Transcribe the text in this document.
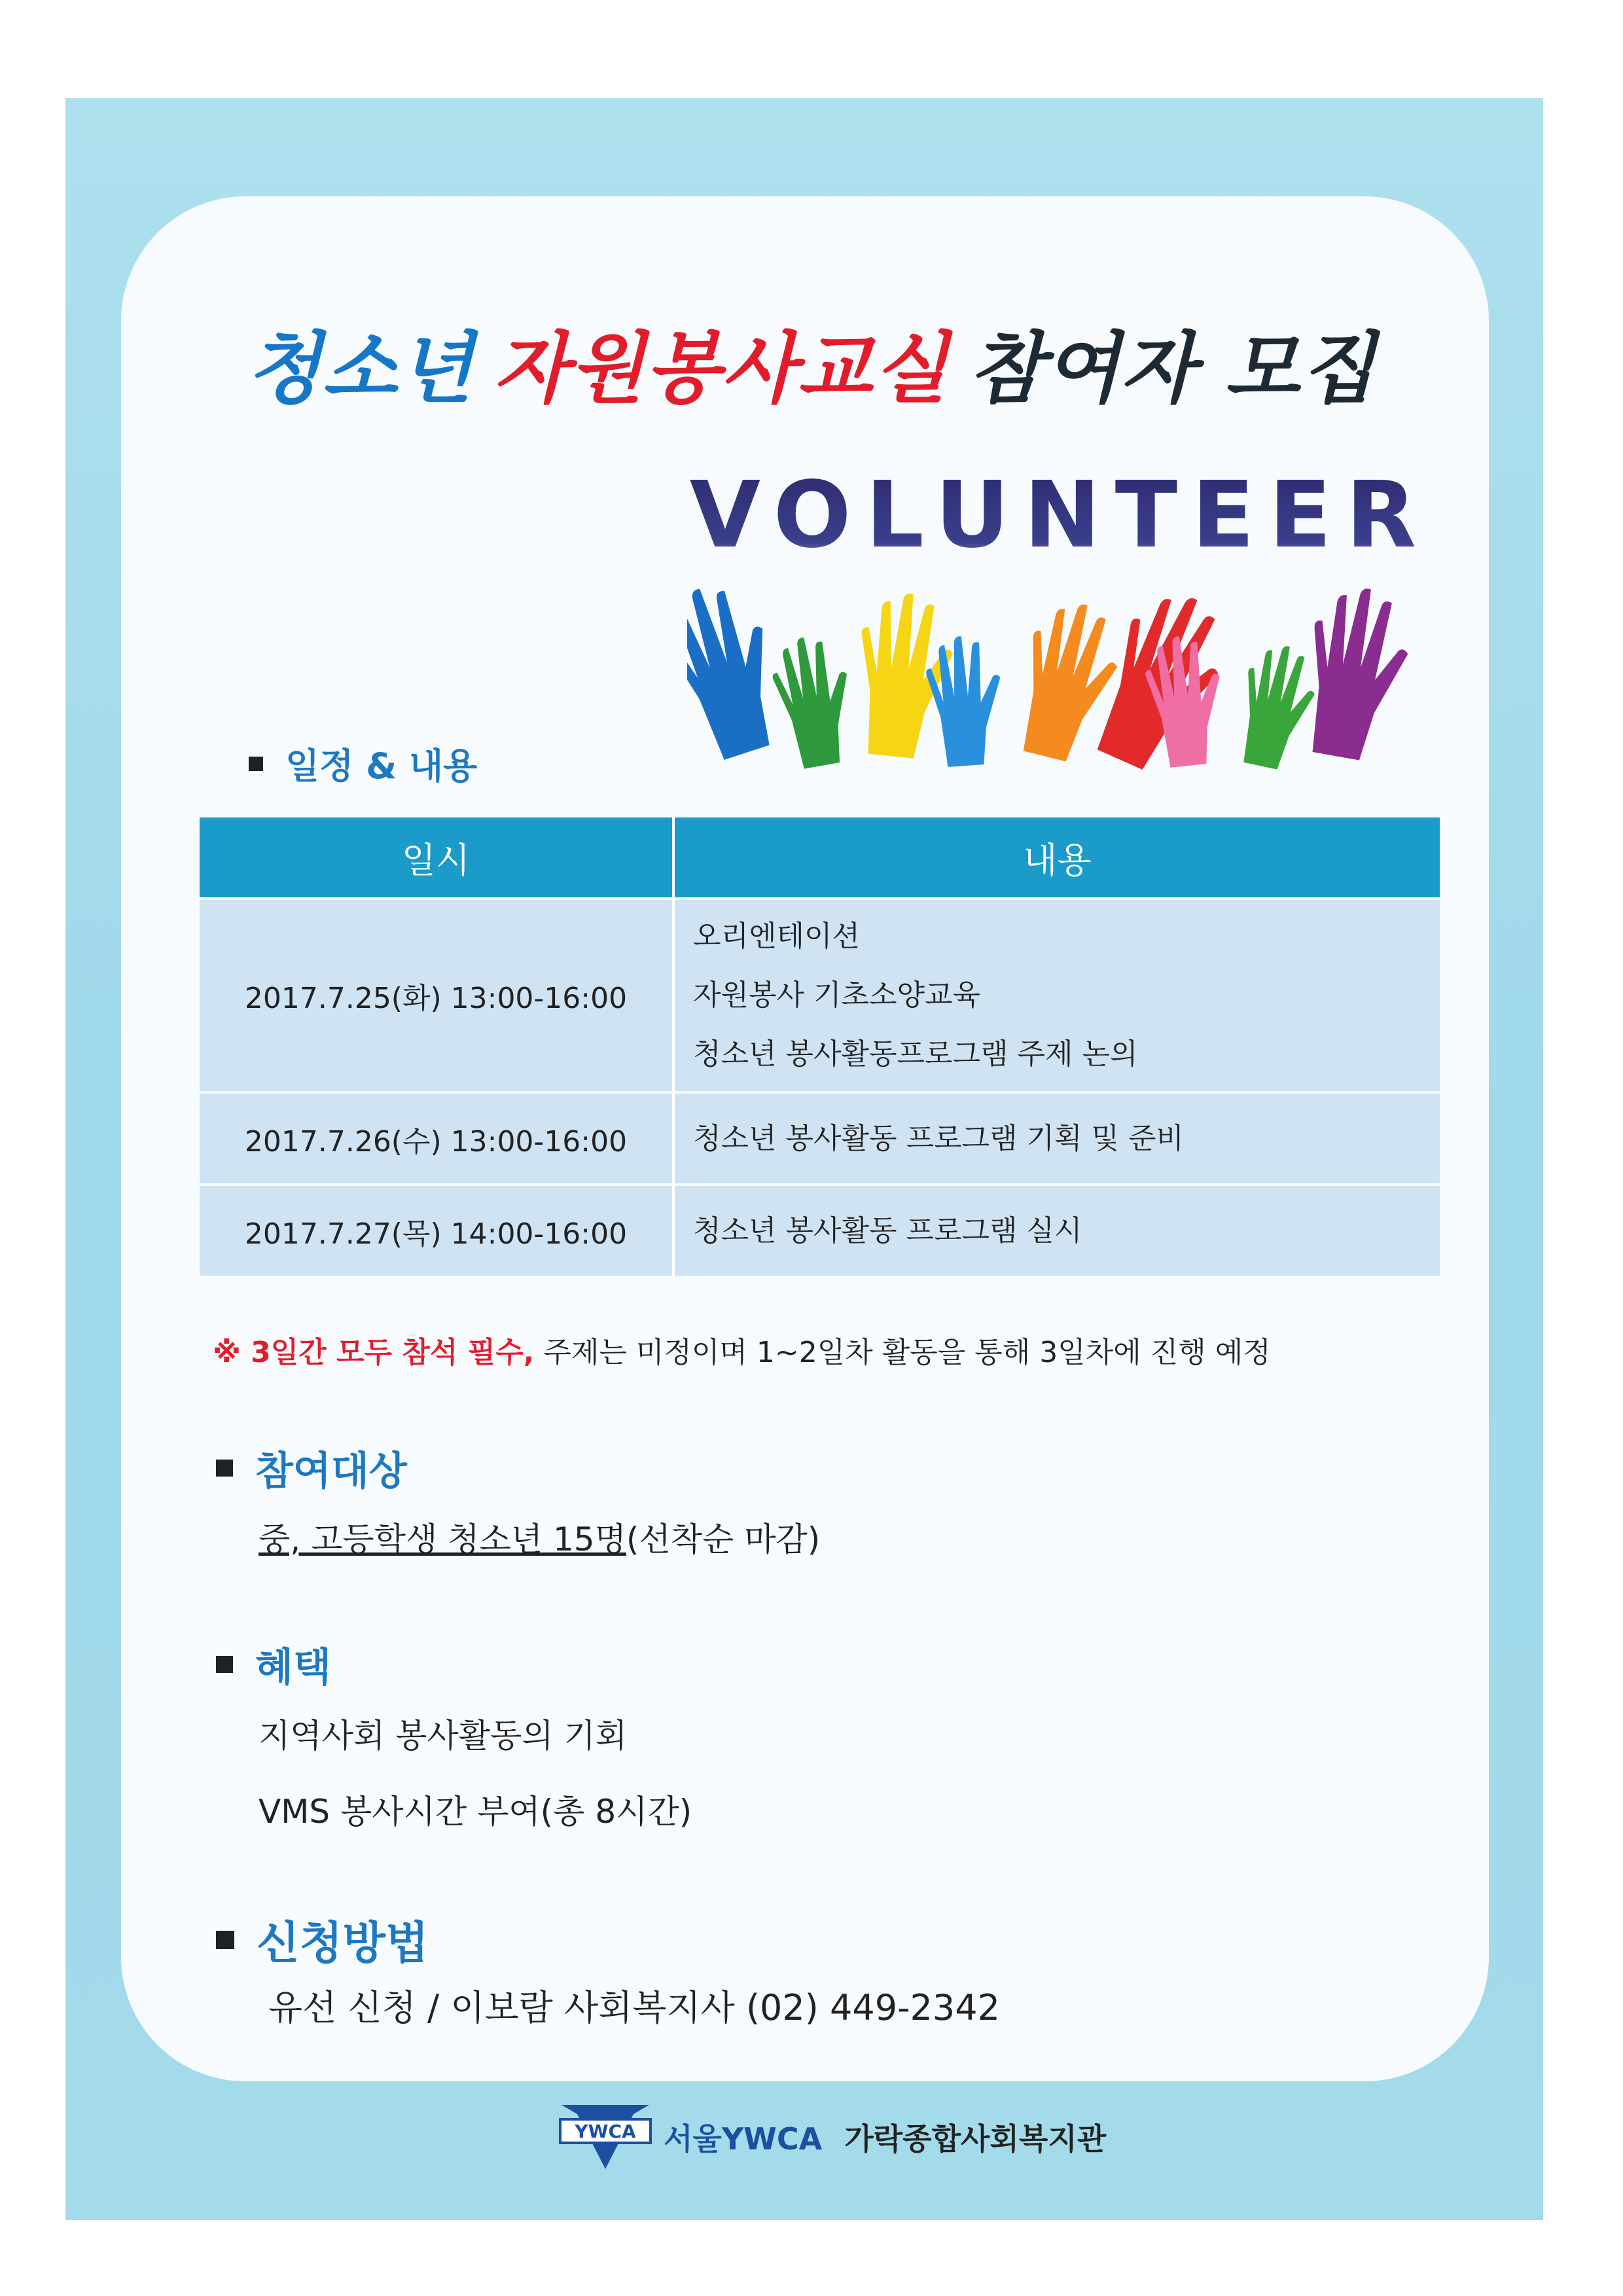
청소년 자원봉사교실 참여자 모집
VOLUNTEER
일정 & 내용
일시	내용
2017.7.25(화) 13:00-16:00	오리엔테이션
자원봉사 기초소양교육
청소년 봉사활동프로그램 주제 논의

2017.7.26(수) 13:00-16:00	청소년 봉사활동 프로그램 기획 및 준비

2017.7.27(목) 14:00-16:00	청소년 봉사활동 프로그램 실시
※ 3일간 모두 참석 필수, 주제는 미정이며 1~2일차 활동을 통해 3일차에 진행 예정
참여대상
중, 고등학생 청소년 15명(선착순 마감)
혜택
지역사회 봉사활동의 기회
VMS 봉사시간 부여(총 8시간)
신청방법
유선 신청 / 이보람 사회복지사 (02) 449-2342
YWCA 서울YWCA 가락종합사회복지관
